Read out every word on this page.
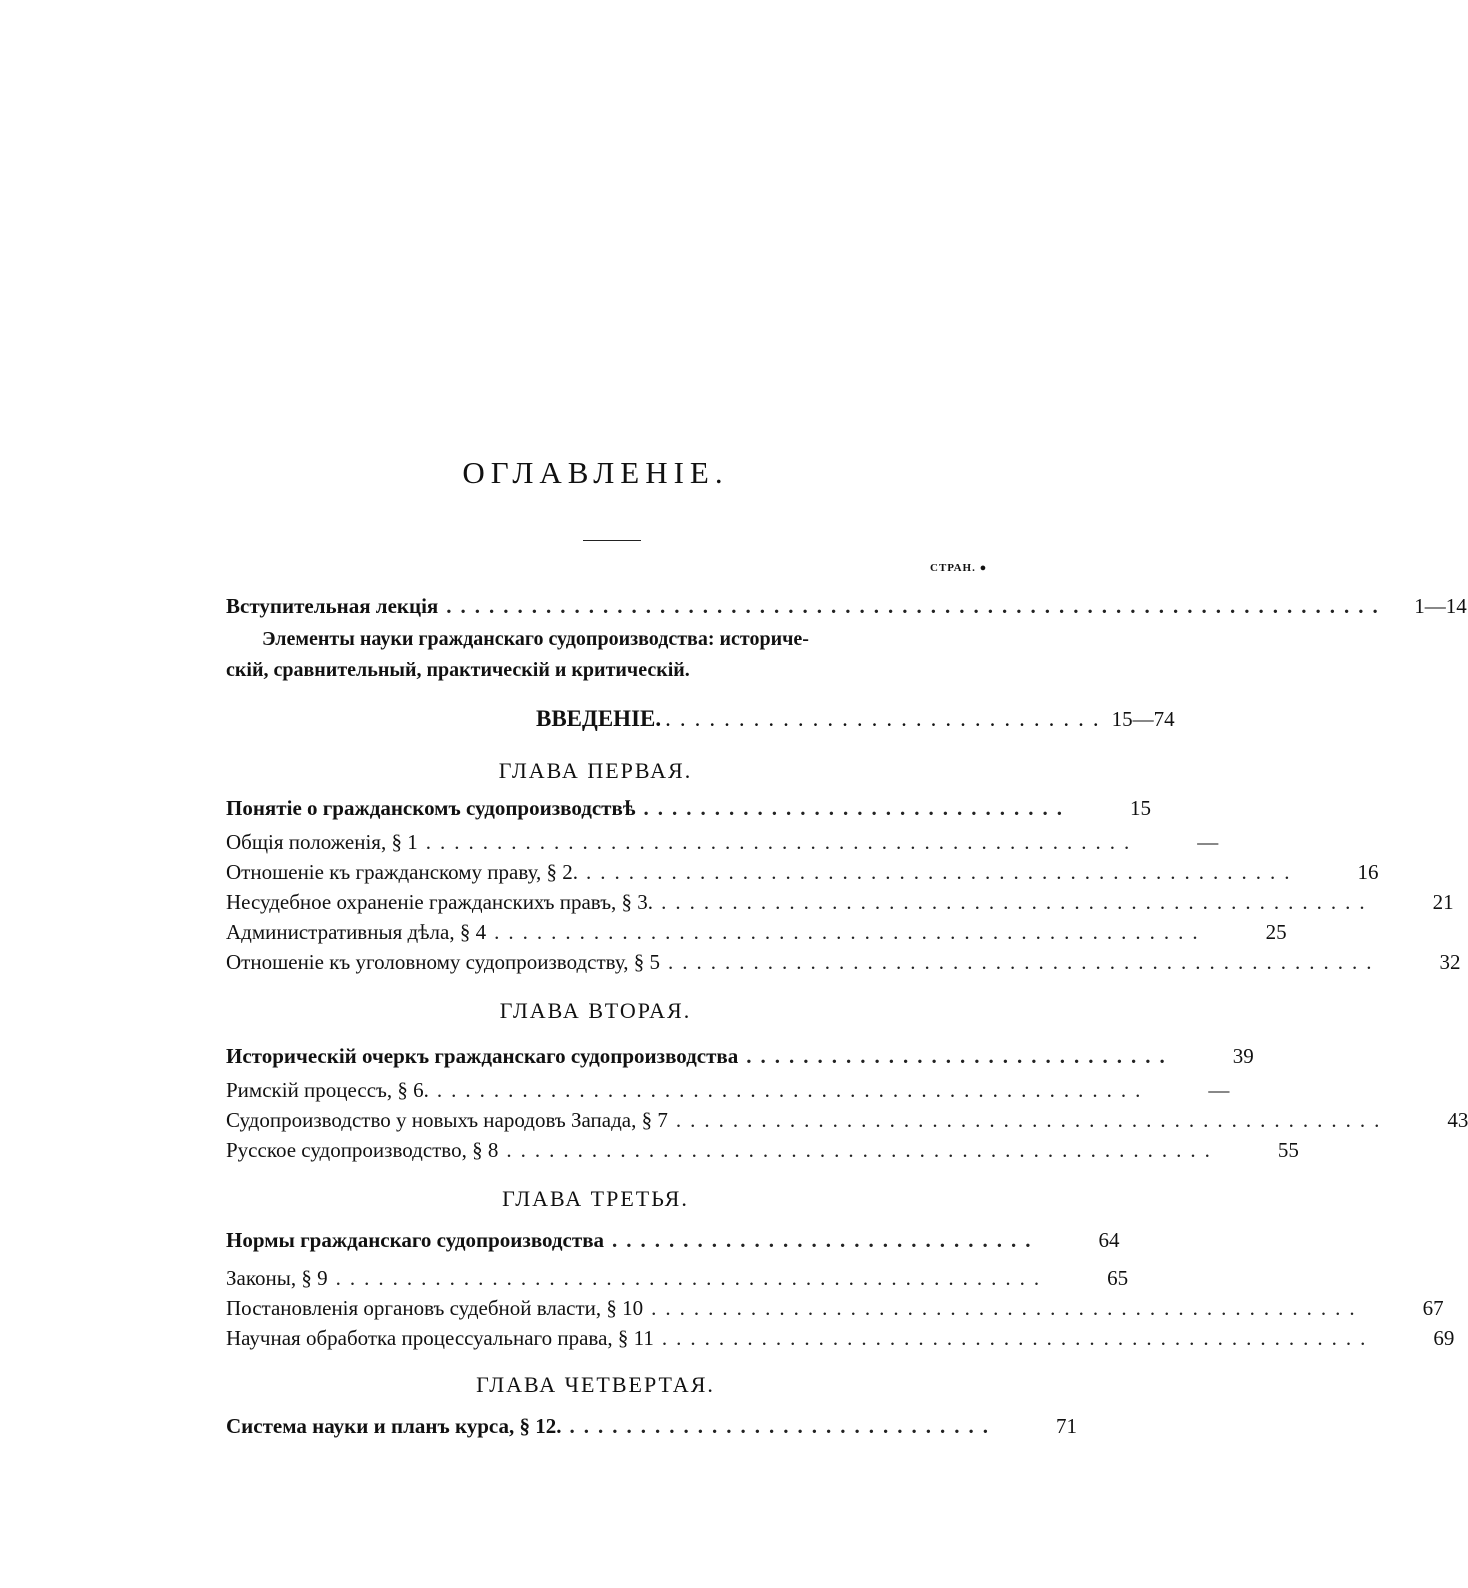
ОГЛАВЛЕНІЕ.
СТРАН. ●
Вступительная лекція ..................................................................	1—14
Элементы науки гражданскаго судопроизводства: историче-
скій, сравнительный, практическій и критическій.
ВВЕДЕНІЕ. .............................. 15—74
ГЛАВА ПЕРВАЯ.
Понятіе о гражданскомъ судопроизводствѣ ..............................	15
Общія положенія, § 1 ..................................................	—
Отношеніе къ гражданскому праву, § 2. ..................................................	16
Несудебное охраненіе гражданскихъ правъ, § 3. ..................................................	21
Административныя дѣла, § 4 ..................................................	25
Отношеніе къ уголовному судопроизводству, § 5 ..................................................	32
ГЛАВА ВТОРАЯ.
Историческій очеркъ гражданскаго судопроизводства ..............................	39
Римскій процессъ, § 6. ..................................................	—
Судопроизводство у новыхъ народовъ Запада, § 7 ..................................................	43
Русское судопроизводство, § 8 ..................................................	55
ГЛАВА ТРЕТЬЯ.
Нормы гражданскаго судопроизводства ..............................	64
Законы, § 9 ..................................................	65
Постановленія органовъ судебной власти, § 10 ..................................................	67
Научная обработка процессуальнаго права, § 11 ..................................................	69
ГЛАВА ЧЕТВЕРТАЯ.
Система науки и планъ курса, § 12. ..............................	71
